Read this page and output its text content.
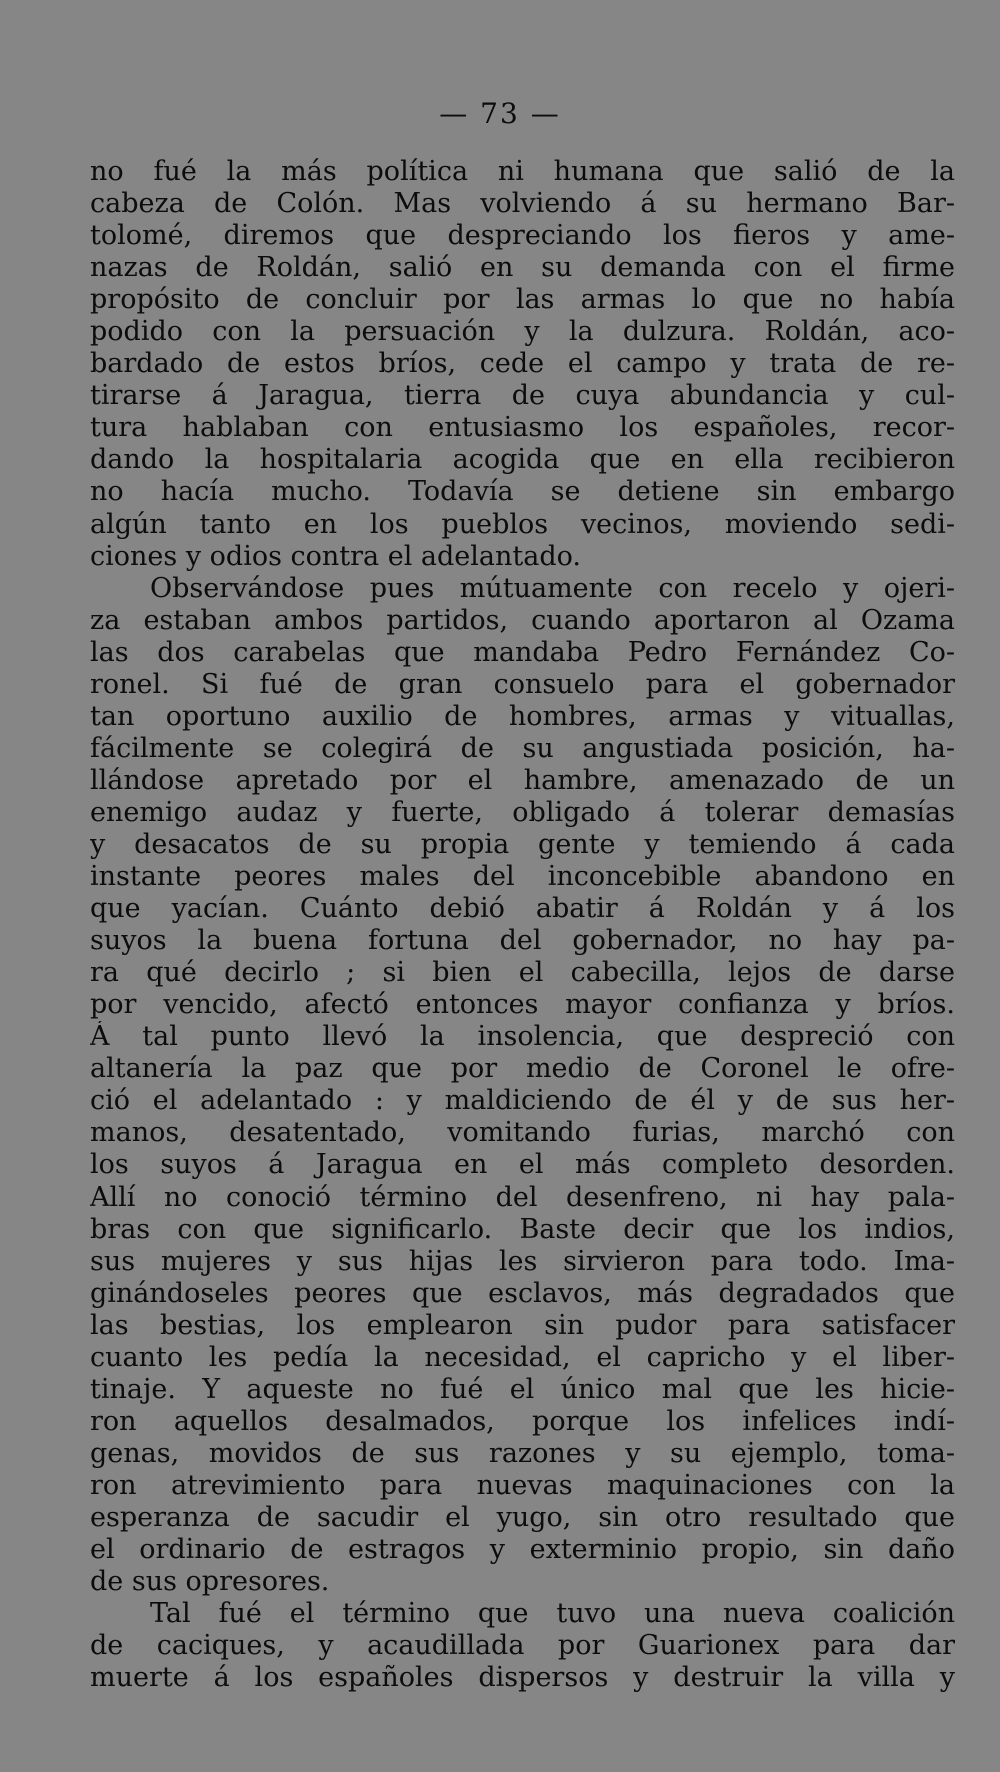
— 73 —
no fué la más política ni humana que salió de la
cabeza de Colón. Mas volviendo á su hermano Bar-
tolomé, diremos que despreciando los fieros y ame-
nazas de Roldán, salió en su demanda con el firme
propósito de concluir por las armas lo que no había
podido con la persuación y la dulzura. Roldán, aco-
bardado de estos bríos, cede el campo y trata de re-
tirarse á Jaragua, tierra de cuya abundancia y cul-
tura hablaban con entusiasmo los españoles, recor-
dando la hospitalaria acogida que en ella recibieron
no hacía mucho. Todavía se detiene sin embargo
algún tanto en los pueblos vecinos, moviendo sedi-
ciones y odios contra el adelantado.
Observándose pues mútuamente con recelo y ojeri-
za estaban ambos partidos, cuando aportaron al Ozama
las dos carabelas que mandaba Pedro Fernández Co-
ronel. Si fué de gran consuelo para el gobernador
tan oportuno auxilio de hombres, armas y vituallas,
fácilmente se colegirá de su angustiada posición, ha-
llándose apretado por el hambre, amenazado de un
enemigo audaz y fuerte, obligado á tolerar demasías
y desacatos de su propia gente y temiendo á cada
instante peores males del inconcebible abandono en
que yacían. Cuánto debió abatir á Roldán y á los
suyos la buena fortuna del gobernador, no hay pa-
ra qué decirlo ; si bien el cabecilla, lejos de darse
por vencido, afectó entonces mayor confianza y bríos.
Á tal punto llevó la insolencia, que despreció con
altanería la paz que por medio de Coronel le ofre-
ció el adelantado : y maldiciendo de él y de sus her-
manos, desatentado, vomitando furias, marchó con
los suyos á Jaragua en el más completo desorden.
Allí no conoció término del desenfreno, ni hay pala-
bras con que significarlo. Baste decir que los indios,
sus mujeres y sus hijas les sirvieron para todo. Ima-
ginándoseles peores que esclavos, más degradados que
las bestias, los emplearon sin pudor para satisfacer
cuanto les pedía la necesidad, el capricho y el liber-
tinaje. Y aqueste no fué el único mal que les hicie-
ron aquellos desalmados, porque los infelices indí-
genas, movidos de sus razones y su ejemplo, toma-
ron atrevimiento para nuevas maquinaciones con la
esperanza de sacudir el yugo, sin otro resultado que
el ordinario de estragos y exterminio propio, sin daño
de sus opresores.
Tal fué el término que tuvo una nueva coalición
de caciques, y acaudillada por Guarionex para dar
muerte á los españoles dispersos y destruir la villa y
